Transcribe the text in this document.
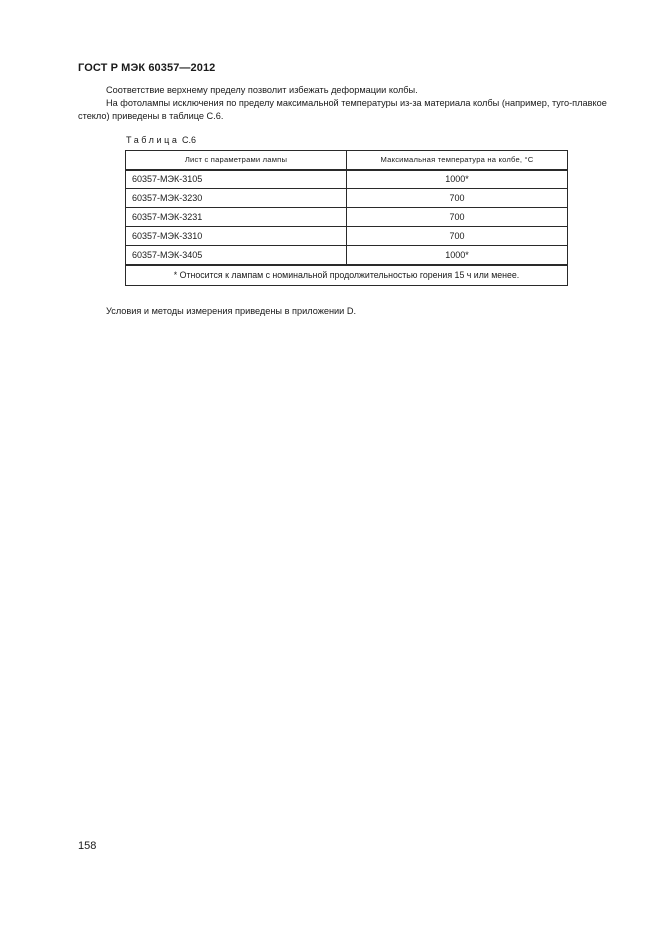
ГОСТ Р МЭК 60357—2012
Соответствие верхнему пределу позволит избежать деформации колбы.
На фотолампы исключения по пределу максимальной температуры из-за материала колбы (например, туго-плавкое стекло) приведены в таблице С.6.
Таблица С.6
Лист с параметрами лампы	Максимальная температура на колбе, °С
60357-МЭК-3105	1000*
60357-МЭК-3230	700
60357-МЭК-3231	700
60357-МЭК-3310	700
60357-МЭК-3405	1000*
* Относится к лампам с номинальной продолжительностью горения 15 ч или менее.	
Условия и методы измерения приведены в приложении D.
158
